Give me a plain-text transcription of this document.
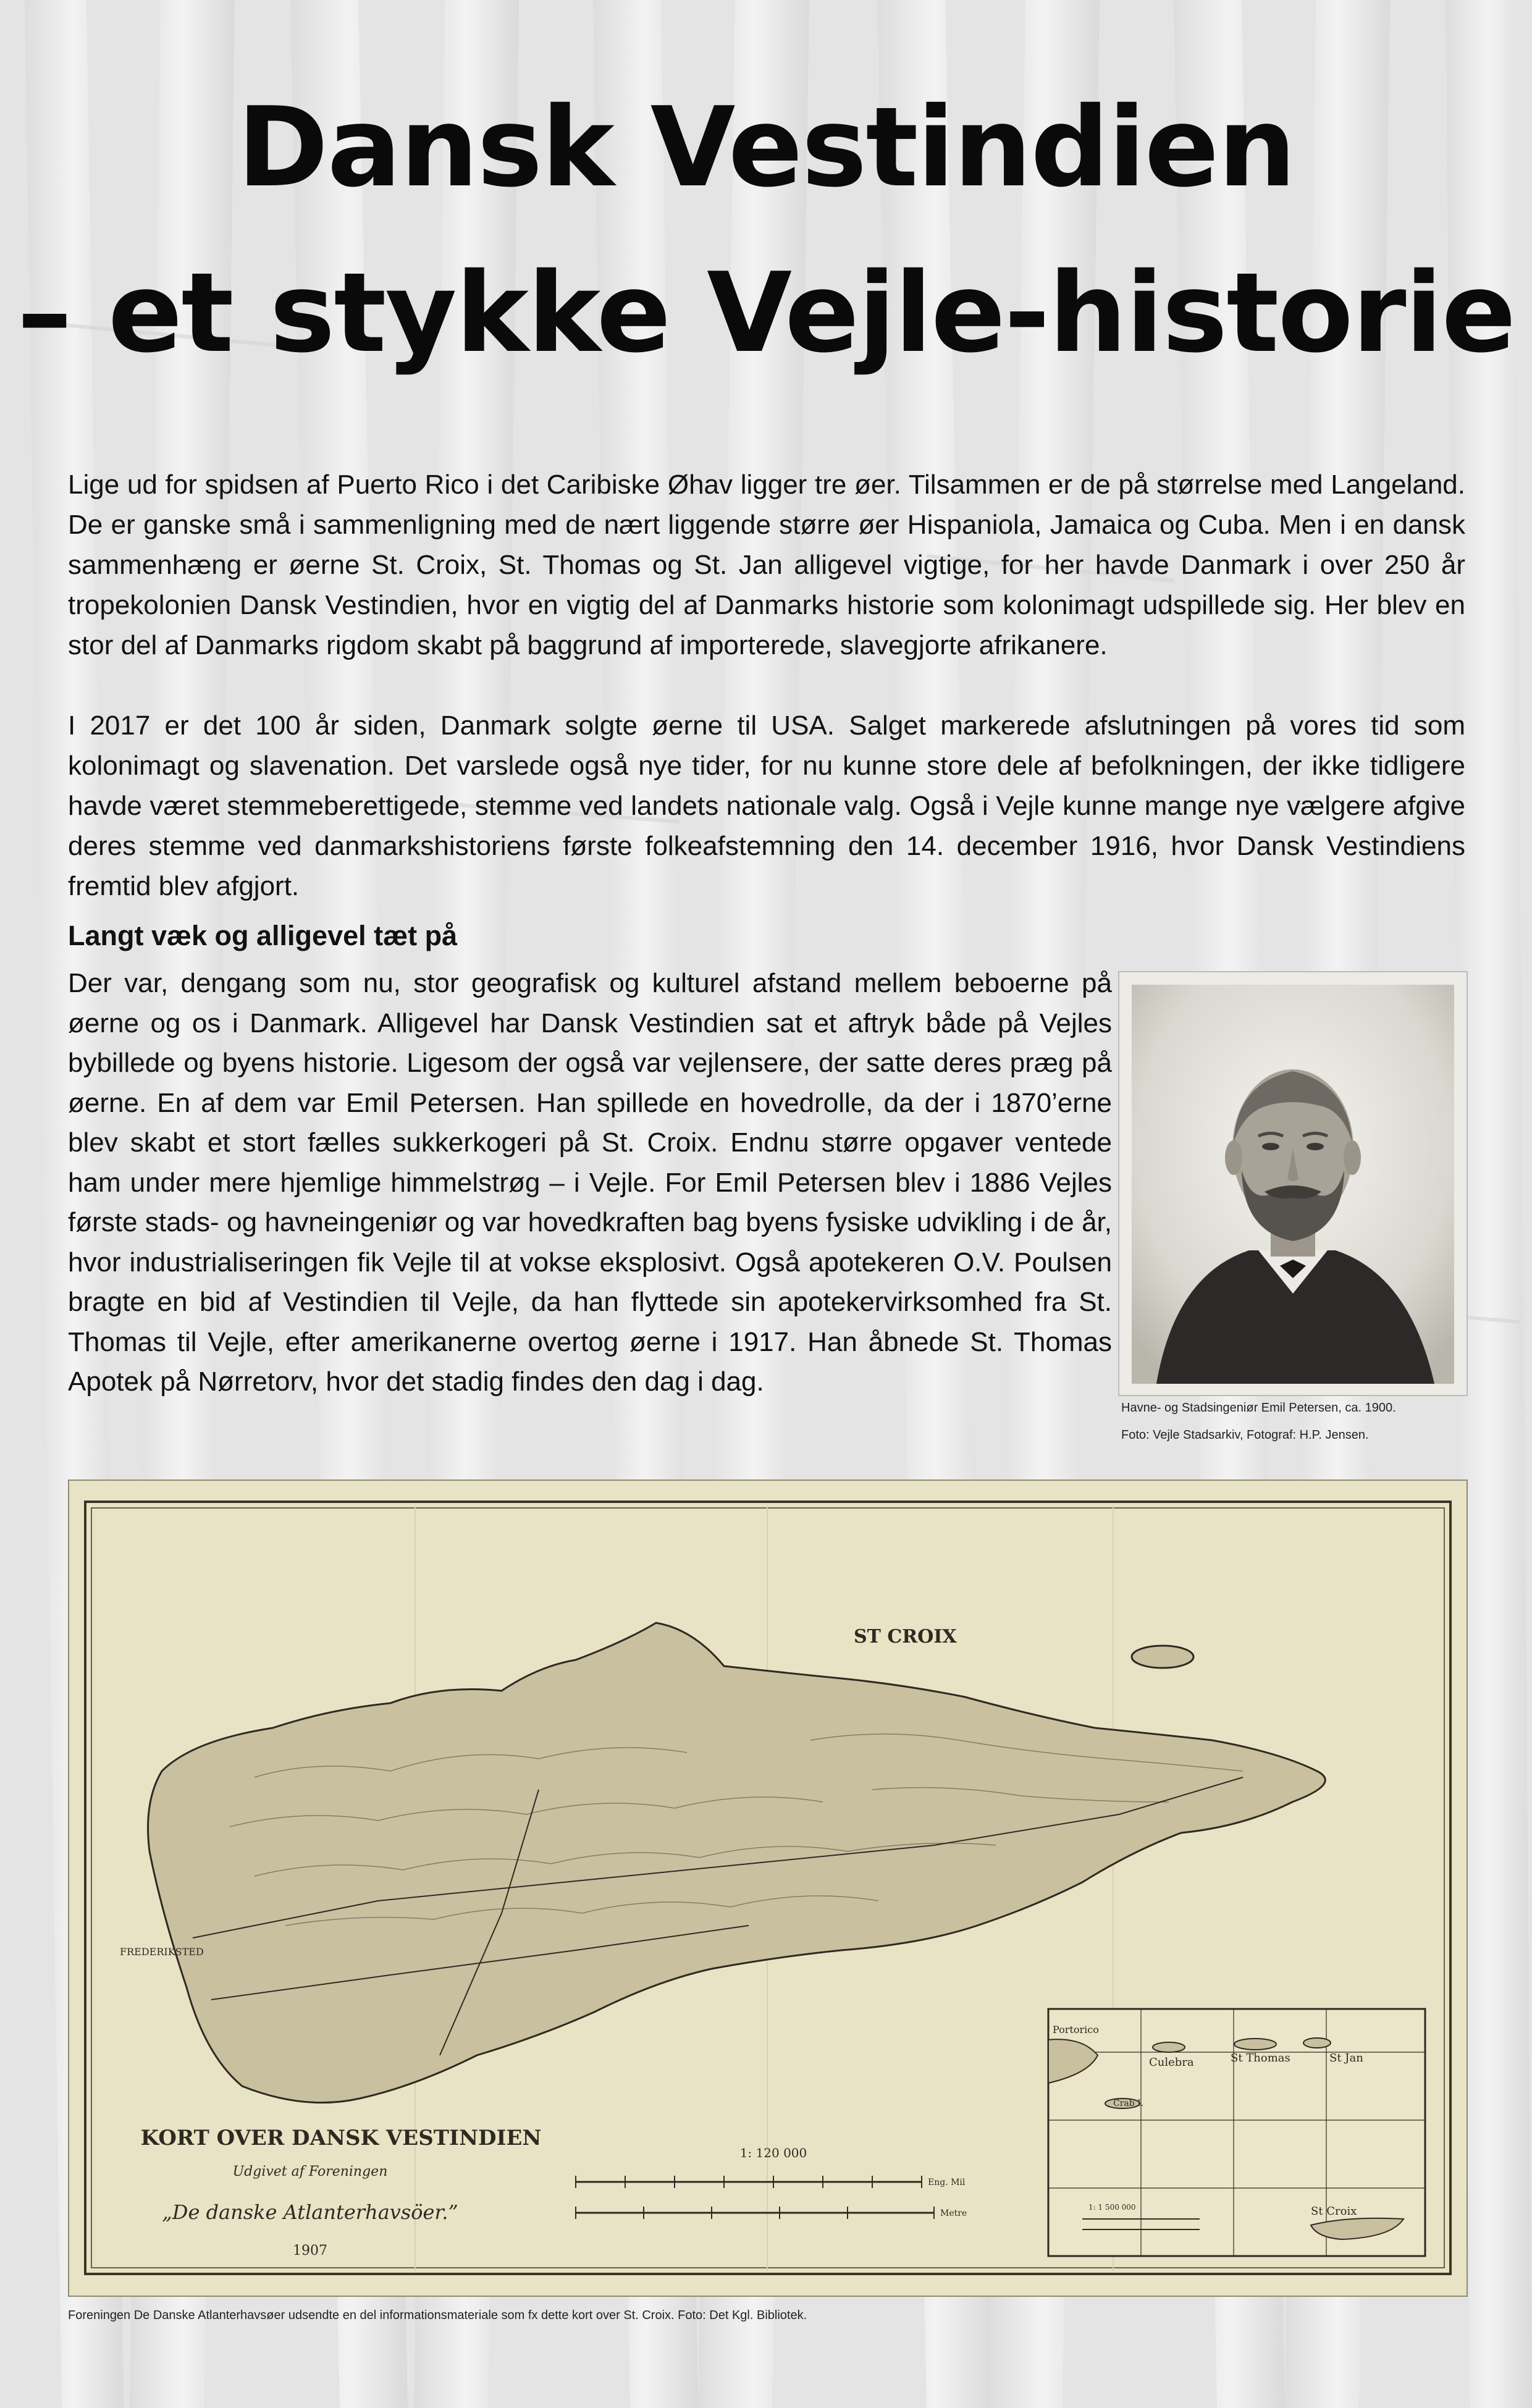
Dansk Vestindien
– et stykke Vejle-historie

Lige ud for spidsen af Puerto Rico i det Caribiske Øhav ligger tre øer. Tilsammen er de på størrelse med Langeland. De er ganske små i sammenligning med de nært liggende større øer Hispaniola, Jamaica og Cuba. Men i en dansk sammenhæng er øerne St. Croix, St. Thomas og St. Jan alligevel vigtige, for her havde Danmark i over 250 år tropekolonien Dansk Vestindien, hvor en vigtig del af Danmarks historie som kolonimagt udspillede sig. Her blev en stor del af Danmarks rigdom skabt på baggrund af importerede, slavegjorte afrikanere.

I 2017 er det 100 år siden, Danmark solgte øerne til USA. Salget markerede afslutningen på vores tid som kolonimagt og slavenation. Det varslede også nye tider, for nu kunne store dele af befolkningen, der ikke tidligere havde været stemmeberettigede, stemme ved landets nationale valg. Også i Vejle kunne mange nye vælgere afgive deres stemme ved danmarkshistoriens første folkeafstemning den 14. december 1916, hvor Dansk Vestindiens fremtid blev afgjort.

Langt væk og alligevel tæt på

Der var, dengang som nu, stor geografisk og kulturel afstand mellem beboerne på øerne og os i Danmark. Alligevel har Dansk Vestindien sat et aftryk både på Vejles bybillede og byens historie. Ligesom der også var vejlensere, der satte deres præg på øerne. En af dem var Emil Petersen. Han spillede en hovedrolle, da der i 1870’erne blev skabt et stort fælles sukkerkogeri på St. Croix. Endnu større opgaver ventede ham under mere hjemlige himmelstrøg – i Vejle. For Emil Petersen blev i 1886 Vejles første stads- og havneingeniør og var hovedkraften bag byens fysiske udvikling i de år, hvor industrialiseringen fik Vejle til at vokse eksplosivt. Også apotekeren O.V. Poulsen bragte en bid af Vestindien til Vejle, da han flyttede sin apotekervirksomhed fra St. Thomas til Vejle, efter amerikanerne overtog øerne i 1917. Han åbnede St. Thomas Apotek på Nørretorv, hvor det stadig findes den dag i dag.

Havne- og Stadsingeniør Emil Petersen, ca. 1900.

Foto: Vejle Stadsarkiv, Fotograf: H.P. Jensen.

ST CROIX
FREDERIKSTED
KORT OVER DANSK VESTINDIEN
Udgivet af Foreningen
„De danske Atlanterhavsöer.”
1907
1: 120 000
Eng. Mil
Metre
Portorico
Culebra	St Thomas	St Jan
Crab I.
St Croix
1: 1 500 000

Foreningen De Danske Atlanterhavsøer udsendte en del informationsmateriale som fx dette kort over St. Croix. Foto: Det Kgl. Bibliotek.
